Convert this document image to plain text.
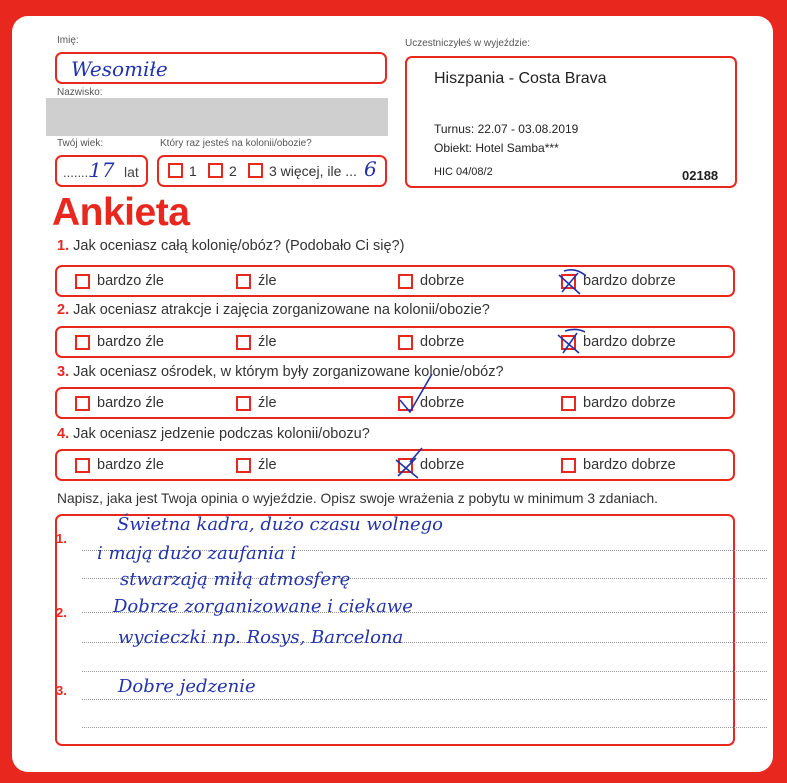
Imię:
Wesomiłe
Nazwisko:
Twój wiek:
........
17 lat
Który raz jesteś na kolonii/obozie?
1 2 3 więcej, ile ... 6
Uczestniczyłeś w wyjeździe:
Hiszpania - Costa Brava
Turnus: 22.07 - 03.08.2019
Obiekt: Hotel Samba***
HIC 04/08/2	02188
Ankieta
1. Jak oceniasz całą kolonię/obóz? (Podobało Ci się?)
bardzo źle	źle	dobrze	bardzo dobrze
2. Jak oceniasz atrakcje i zajęcia zorganizowane na kolonii/obozie?
bardzo źle	źle	dobrze	bardzo dobrze
3. Jak oceniasz ośrodek, w którym były zorganizowane kolonie/obóz?
bardzo źle	źle	dobrze	bardzo dobrze
4. Jak oceniasz jedzenie podczas kolonii/obozu?
bardzo źle	źle	dobrze	bardzo dobrze
Napisz, jaka jest Twoja opinia o wyjeździe. Opisz swoje wrażenia z pobytu w minimum 3 zdaniach.
1.
Świetna kadra, dużo czasu wolnego
i mają dużo zaufania i
stwarzają miłą atmosferę
2.	Dobrze zorganizowane i ciekawe
wycieczki np. Rosys, Barcelona
3.	Dobre jedzenie
